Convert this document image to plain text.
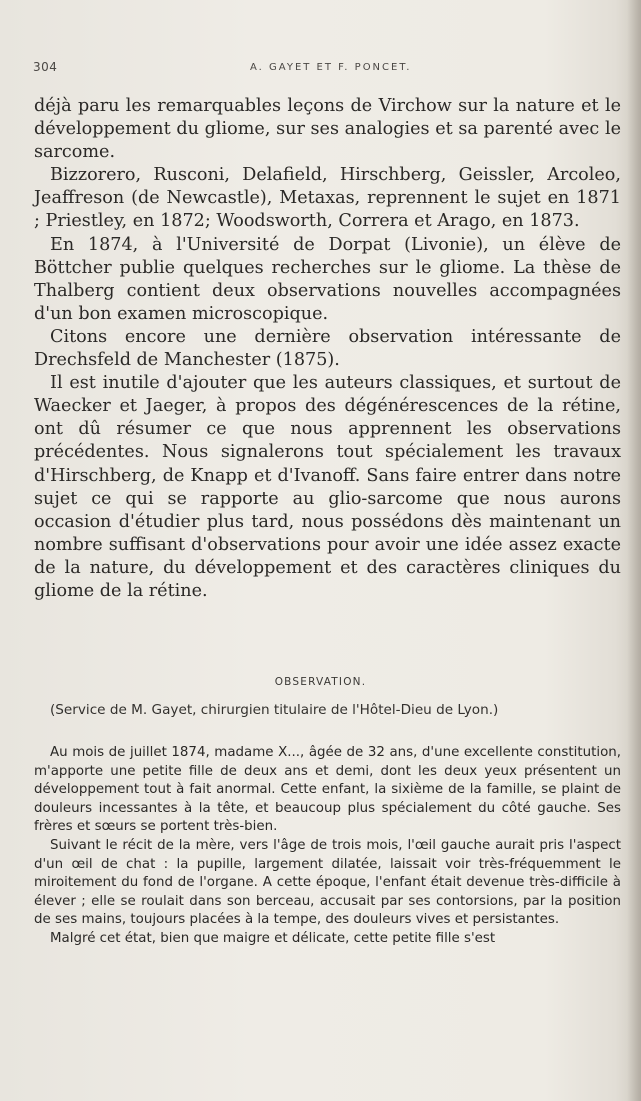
304	A. GAYET ET F. PONCET.

déjà paru les remarquables leçons de Virchow sur la nature et le développement du gliome, sur ses analogies et sa parenté avec le sarcome.

Bizzorero, Rusconi, Delafield, Hirschberg, Geissler, Arcoleo, Jeaffreson (de Newcastle), Metaxas, reprennent le sujet en 1871 ; Priestley, en 1872; Woodsworth, Correra et Arago, en 1873.

En 1874, à l'Université de Dorpat (Livonie), un élève de Böttcher publie quelques recherches sur le gliome. La thèse de Thalberg contient deux observations nouvelles accompagnées d'un bon examen microscopique.

Citons encore une dernière observation intéressante de Drechsfeld de Manchester (1875).

Il est inutile d'ajouter que les auteurs classiques, et surtout de Waecker et Jaeger, à propos des dégénérescences de la rétine, ont dû résumer ce que nous apprennent les observations précédentes. Nous signalerons tout spécialement les travaux d'Hirschberg, de Knapp et d'Ivanoff. Sans faire entrer dans notre sujet ce qui se rapporte au glio-sarcome que nous aurons occasion d'étudier plus tard, nous possédons dès maintenant un nombre suffisant d'observations pour avoir une idée assez exacte de la nature, du développement et des caractères cliniques du gliome de la rétine.

OBSERVATION.
(Service de M. Gayet, chirurgien titulaire de l'Hôtel-Dieu de Lyon.)

Au mois de juillet 1874, madame X..., âgée de 32 ans, d'une excellente constitution, m'apporte une petite fille de deux ans et demi, dont les deux yeux présentent un développement tout à fait anormal. Cette enfant, la sixième de la famille, se plaint de douleurs incessantes à la tête, et beaucoup plus spécialement du côté gauche. Ses frères et sœurs se portent très-bien.

Suivant le récit de la mère, vers l'âge de trois mois, l'œil gauche aurait pris l'aspect d'un œil de chat : la pupille, largement dilatée, laissait voir très-fréquemment le miroitement du fond de l'organe. A cette époque, l'enfant était devenue très-difficile à élever ; elle se roulait dans son berceau, accusait par ses contorsions, par la position de ses mains, toujours placées à la tempe, des douleurs vives et persistantes.

Malgré cet état, bien que maigre et délicate, cette petite fille s'est
